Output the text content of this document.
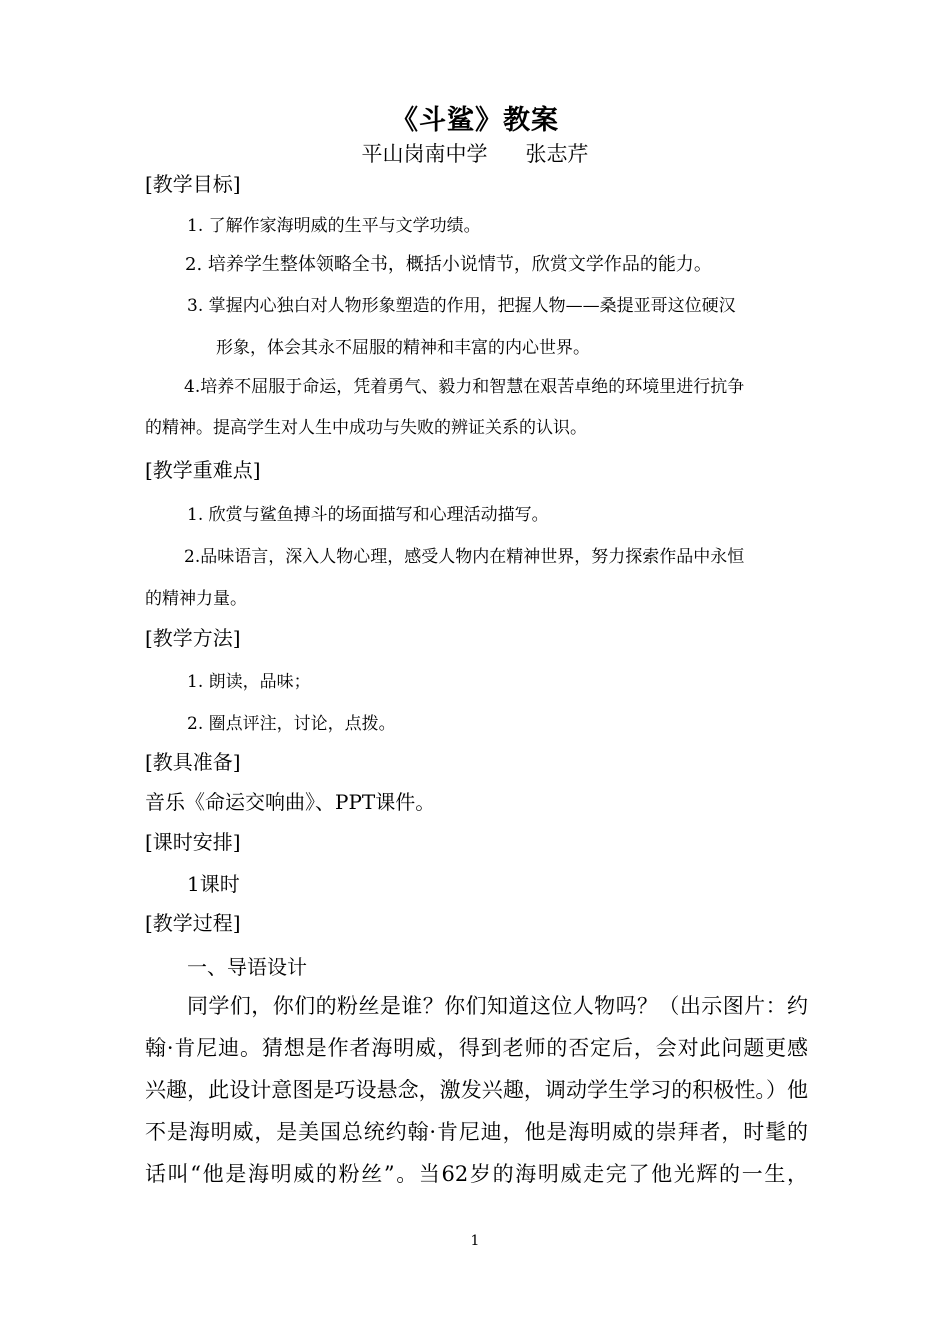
《斗鲨》教案
平山岗南中学 张志芹
[教学目标]
1. 了解作家海明威的生平与文学功绩。
2. 培养学生整体领略全书，概括小说情节，欣赏文学作品的能力。
3. 掌握内心独白对人物形象塑造的作用，把握人物——桑提亚哥这位硬汉
形象，体会其永不屈服的精神和丰富的内心世界。
4.培养不屈服于命运，凭着勇气、毅力和智慧在艰苦卓绝的环境里进行抗争
的精神。提高学生对人生中成功与失败的辨证关系的认识。
[教学重难点]
1. 欣赏与鲨鱼搏斗的场面描写和心理活动描写。
2.品味语言，深入人物心理，感受人物内在精神世界，努力探索作品中永恒
的精神力量。
[教学方法]
1. 朗读，品味；
2. 圈点评注，讨论，点拨。
[教具准备]
音乐《命运交响曲》、PPT课件。
[课时安排]
1课时
[教学过程]
一、导语设计
同学们，你们的粉丝是谁？你们知道这位人物吗？（出示图片：约
翰·肯尼迪。猜想是作者海明威，得到老师的否定后，会对此问题更感
兴趣，此设计意图是巧设悬念，激发兴趣，调动学生学习的积极性。）他
不是海明威，是美国总统约翰·肯尼迪，他是海明威的崇拜者，时髦的
话叫“他是海明威的粉丝”。当62岁的海明威走完了他光辉的一生，
1
